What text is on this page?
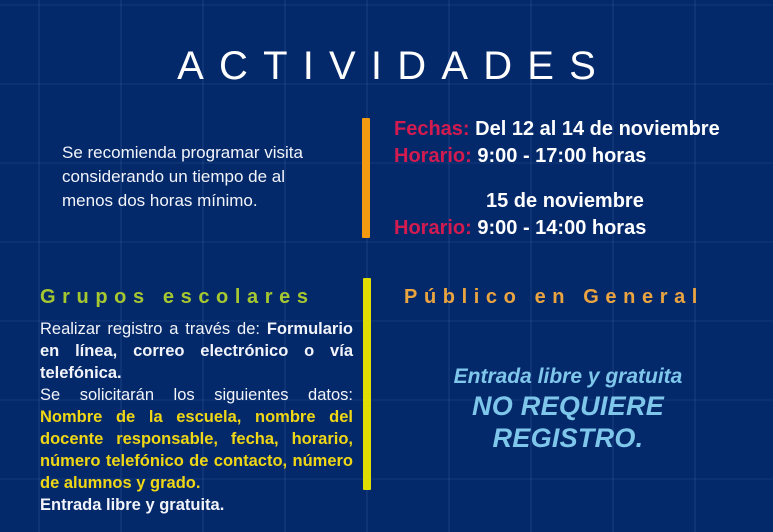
ACTIVIDADES
Se recomienda programar visita considerando un tiempo de al menos dos horas mínimo.
Fechas: Del 12 al 14 de noviembre
Horario: 9:00 - 17:00 horas
15 de noviembre
Horario: 9:00 - 14:00 horas
Grupos escolares	Público en General

Realizar registro a través de: Formulario en línea, correo electrónico o vía telefónica.

Se solicitarán los siguientes datos:

Nombre de la escuela, nombre del docente responsable, fecha, horario, número telefónico de contacto, número de alumnos y grado.

Entrada libre y gratuita.

Entrada libre y gratuita
NO REQUIERE REGISTRO.
